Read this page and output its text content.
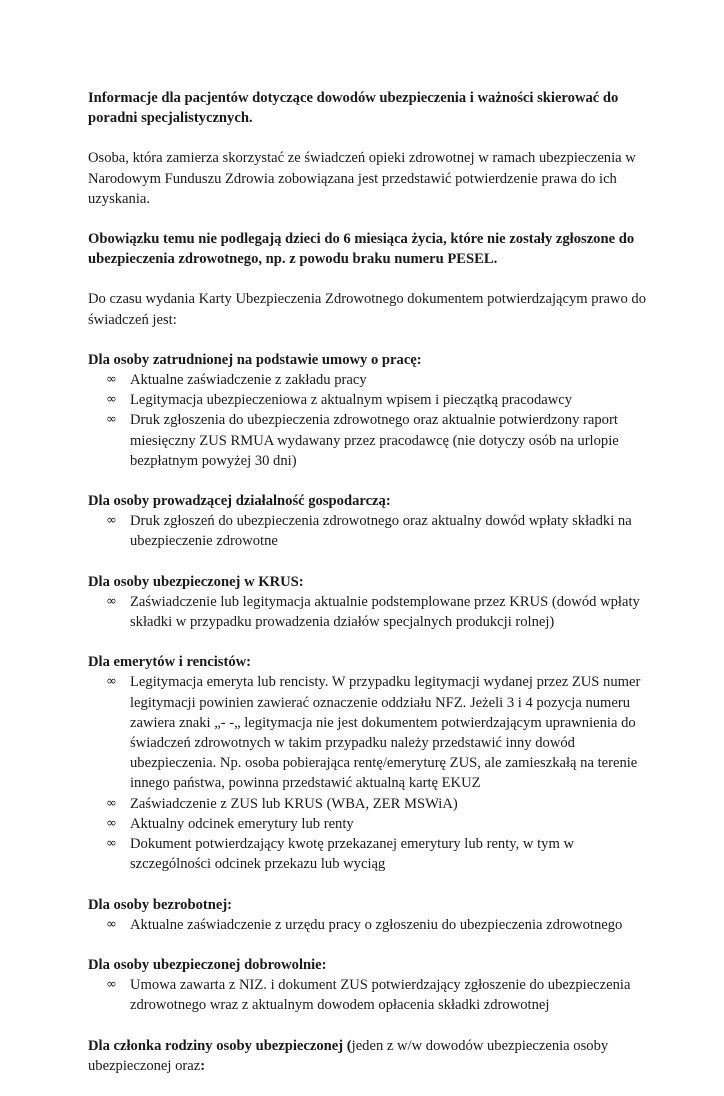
Informacje dla pacjentów dotyczące dowodów ubezpieczenia i ważności skierować do poradni specjalistycznych.

Osoba, która zamierza skorzystać ze świadczeń opieki zdrowotnej w ramach ubezpieczenia w Narodowym Funduszu Zdrowia zobowiązana jest przedstawić potwierdzenie prawa do ich uzyskania.

Obowiązku temu nie podlegają dzieci do 6 miesiąca życia, które nie zostały zgłoszone do ubezpieczenia zdrowotnego, np. z powodu braku numeru PESEL.

Do czasu wydania Karty Ubezpieczenia Zdrowotnego dokumentem potwierdzającym prawo do świadczeń jest:

Dla osoby zatrudnionej na podstawie umowy o pracę:

∞ Aktualne zaświadczenie z zakładu pracy
∞ Legitymacja ubezpieczeniowa z aktualnym wpisem i pieczątką pracodawcy
∞ Druk zgłoszenia do ubezpieczenia zdrowotnego oraz aktualnie potwierdzony raport miesięczny ZUS RMUA wydawany przez pracodawcę (nie dotyczy osób na urlopie bezpłatnym powyżej 30 dni)

Dla osoby prowadzącej działalność gospodarczą:

∞ Druk zgłoszeń do ubezpieczenia zdrowotnego oraz aktualny dowód wpłaty składki na ubezpieczenie zdrowotne

Dla osoby ubezpieczonej w KRUS:

∞ Zaświadczenie lub legitymacja aktualnie podstemplowane przez KRUS (dowód wpłaty składki w przypadku prowadzenia działów specjalnych produkcji rolnej)

Dla emerytów i rencistów:

∞ Legitymacja emeryta lub rencisty. W przypadku legitymacji wydanej przez ZUS numer legitymacji powinien zawierać oznaczenie oddziału NFZ. Jeżeli 3 i 4 pozycja numeru zawiera znaki „- -„ legitymacja nie jest dokumentem potwierdzającym uprawnienia do świadczeń zdrowotnych w takim przypadku należy przedstawić inny dowód ubezpieczenia. Np. osoba pobierająca rentę/emeryturę ZUS, ale zamieszkałą na terenie innego państwa, powinna przedstawić aktualną kartę EKUZ
∞ Zaświadczenie z ZUS lub KRUS (WBA, ZER MSWiA)
∞ Aktualny odcinek emerytury lub renty
∞ Dokument potwierdzający kwotę przekazanej emerytury lub renty, w tym w szczególności odcinek przekazu lub wyciąg

Dla osoby bezrobotnej:

∞ Aktualne zaświadczenie z urzędu pracy o zgłoszeniu do ubezpieczenia zdrowotnego

Dla osoby ubezpieczonej dobrowolnie:

∞ Umowa zawarta z NIZ. i dokument ZUS potwierdzający zgłoszenie do ubezpieczenia zdrowotnego wraz z aktualnym dowodem opłacenia składki zdrowotnej

Dla członka rodziny osoby ubezpieczonej (jeden z w/w dowodów ubezpieczenia osoby ubezpieczonej oraz:
